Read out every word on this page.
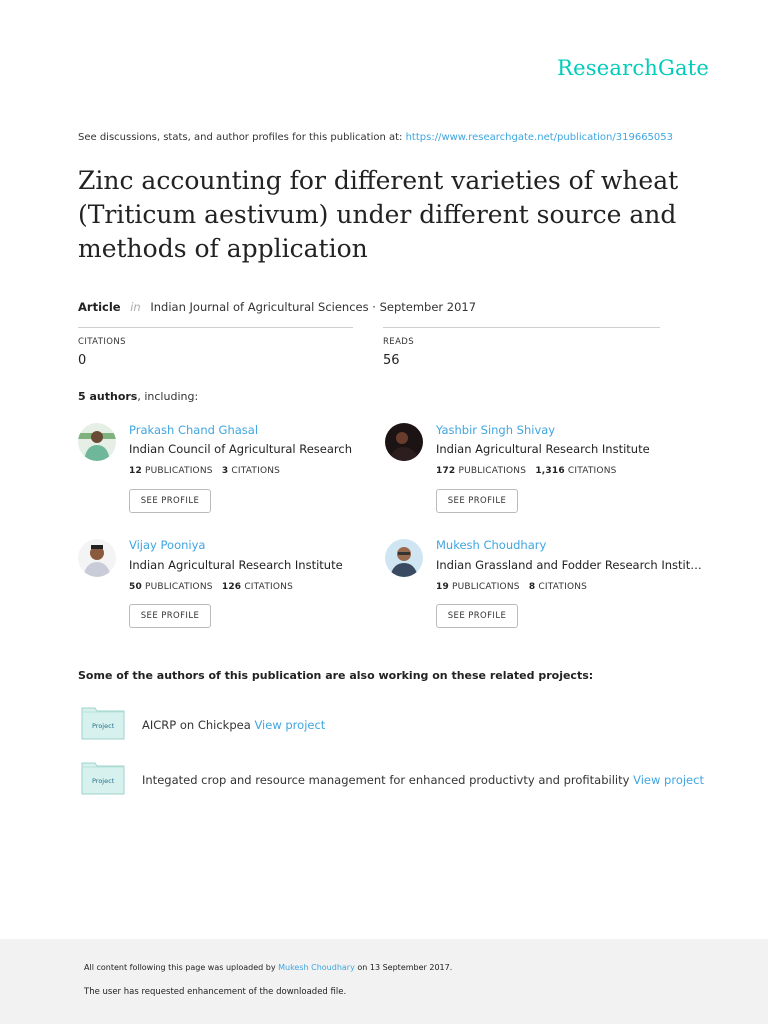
ResearchGate
See discussions, stats, and author profiles for this publication at: https://www.researchgate.net/publication/319665053
Zinc accounting for different varieties of wheat
(Triticum aestivum) under different source and
methods of application
Article in Indian Journal of Agricultural Sciences · September 2017
CITATIONS
0
READS
56
5 authors, including:
Prakash Chand Ghasal
Indian Council of Agricultural Research
12 PUBLICATIONS 3 CITATIONS
SEE PROFILE
Yashbir Singh Shivay
Indian Agricultural Research Institute
172 PUBLICATIONS 1,316 CITATIONS
SEE PROFILE
Vijay Pooniya
Indian Agricultural Research Institute
50 PUBLICATIONS 126 CITATIONS
SEE PROFILE
Mukesh Choudhary
Indian Grassland and Fodder Research Instit…
19 PUBLICATIONS 8 CITATIONS
SEE PROFILE
Some of the authors of this publication are also working on these related projects:
Project AICRP on Chickpea View project
Project Integated crop and resource management for enhanced productivty and profitability View project
All content following this page was uploaded by Mukesh Choudhary on 13 September 2017.
The user has requested enhancement of the downloaded file.
